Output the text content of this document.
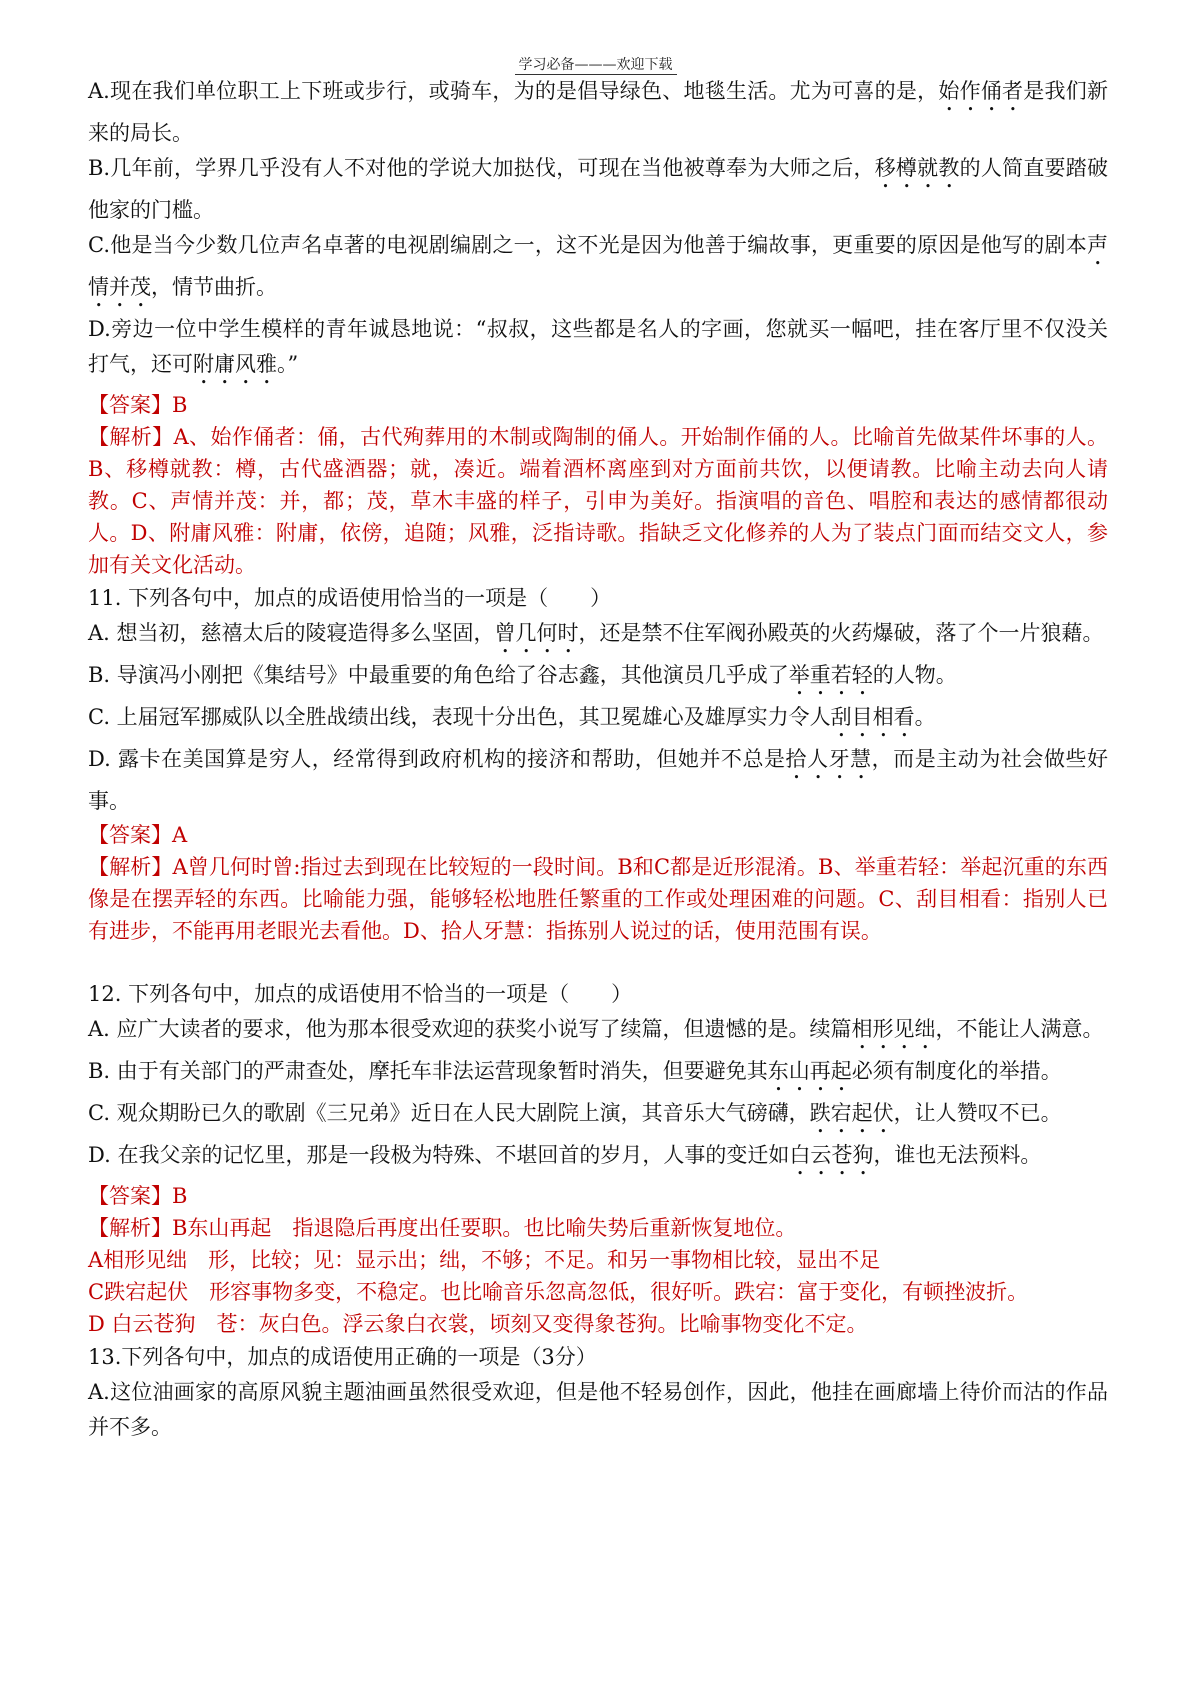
学习必备———欢迎下载
A.现在我们单位职工上下班或步行，或骑车，为的是倡导绿色、地毯生活。尤为可喜的是，始作俑者是我们新来的局长。
B.几年前，学界几乎没有人不对他的学说大加挞伐，可现在当他被尊奉为大师之后，移樽就教的人简直要踏破他家的门槛。
C.他是当今少数几位声名卓著的电视剧编剧之一，这不光是因为他善于编故事，更重要的原因是他写的剧本声情并茂，情节曲折。
D.旁边一位中学生模样的青年诚恳地说：“叔叔，这些都是名人的字画，您就买一幅吧，挂在客厅里不仅没关打气，还可附庸风雅。”
【答案】B
【解析】A、始作俑者：俑，古代殉葬用的木制或陶制的俑人。开始制作俑的人。比喻首先做某件坏事的人。B、移樽就教：樽，古代盛酒器；就，凑近。端着酒杯离座到对方面前共饮，以便请教。比喻主动去向人请教。C、声情并茂：并，都；茂，草木丰盛的样子，引申为美好。指演唱的音色、唱腔和表达的感情都很动人。D、附庸风雅：附庸，依傍，追随；风雅，泛指诗歌。指缺乏文化修养的人为了装点门面而结交文人，参加有关文化活动。
11. 下列各句中，加点的成语使用恰当的一项是（　　）
A. 想当初，慈禧太后的陵寝造得多么坚固，曾几何时，还是禁不住军阀孙殿英的火药爆破，落了个一片狼藉。
B. 导演冯小刚把《集结号》中最重要的角色给了谷志鑫，其他演员几乎成了举重若轻的人物。
C. 上届冠军挪威队以全胜战绩出线，表现十分出色，其卫冕雄心及雄厚实力令人刮目相看。
D. 露卡在美国算是穷人，经常得到政府机构的接济和帮助，但她并不总是拾人牙慧，而是主动为社会做些好事。
【答案】A
【解析】A曾几何时曾:指过去到现在比较短的一段时间。B和C都是近形混淆。B、举重若轻：举起沉重的东西像是在摆弄轻的东西。比喻能力强，能够轻松地胜任繁重的工作或处理困难的问题。C、刮目相看：指别人已有进步，不能再用老眼光去看他。D、拾人牙慧：指拣别人说过的话，使用范围有误。
12. 下列各句中，加点的成语使用不恰当的一项是（　　）
A. 应广大读者的要求，他为那本很受欢迎的获奖小说写了续篇，但遗憾的是。续篇相形见绌，不能让人满意。
B. 由于有关部门的严肃查处，摩托车非法运营现象暂时消失，但要避免其东山再起必须有制度化的举措。
C. 观众期盼已久的歌剧《三兄弟》近日在人民大剧院上演，其音乐大气磅礴，跌宕起伏，让人赞叹不已。
D. 在我父亲的记忆里，那是一段极为特殊、不堪回首的岁月，人事的变迁如白云苍狗，谁也无法预料。
【答案】B
【解析】B东山再起　指退隐后再度出任要职。也比喻失势后重新恢复地位。
A相形见绌　形，比较；见：显示出；绌，不够；不足。和另一事物相比较，显出不足
C跌宕起伏　形容事物多变，不稳定。也比喻音乐忽高忽低，很好听。跌宕：富于变化，有顿挫波折。
D 白云苍狗　苍：灰白色。浮云象白衣裳，顷刻又变得象苍狗。比喻事物变化不定。
13.下列各句中，加点的成语使用正确的一项是（3分）
A.这位油画家的高原风貌主题油画虽然很受欢迎，但是他不轻易创作，因此，他挂在画廊墙上待价而沽的作品并不多。
